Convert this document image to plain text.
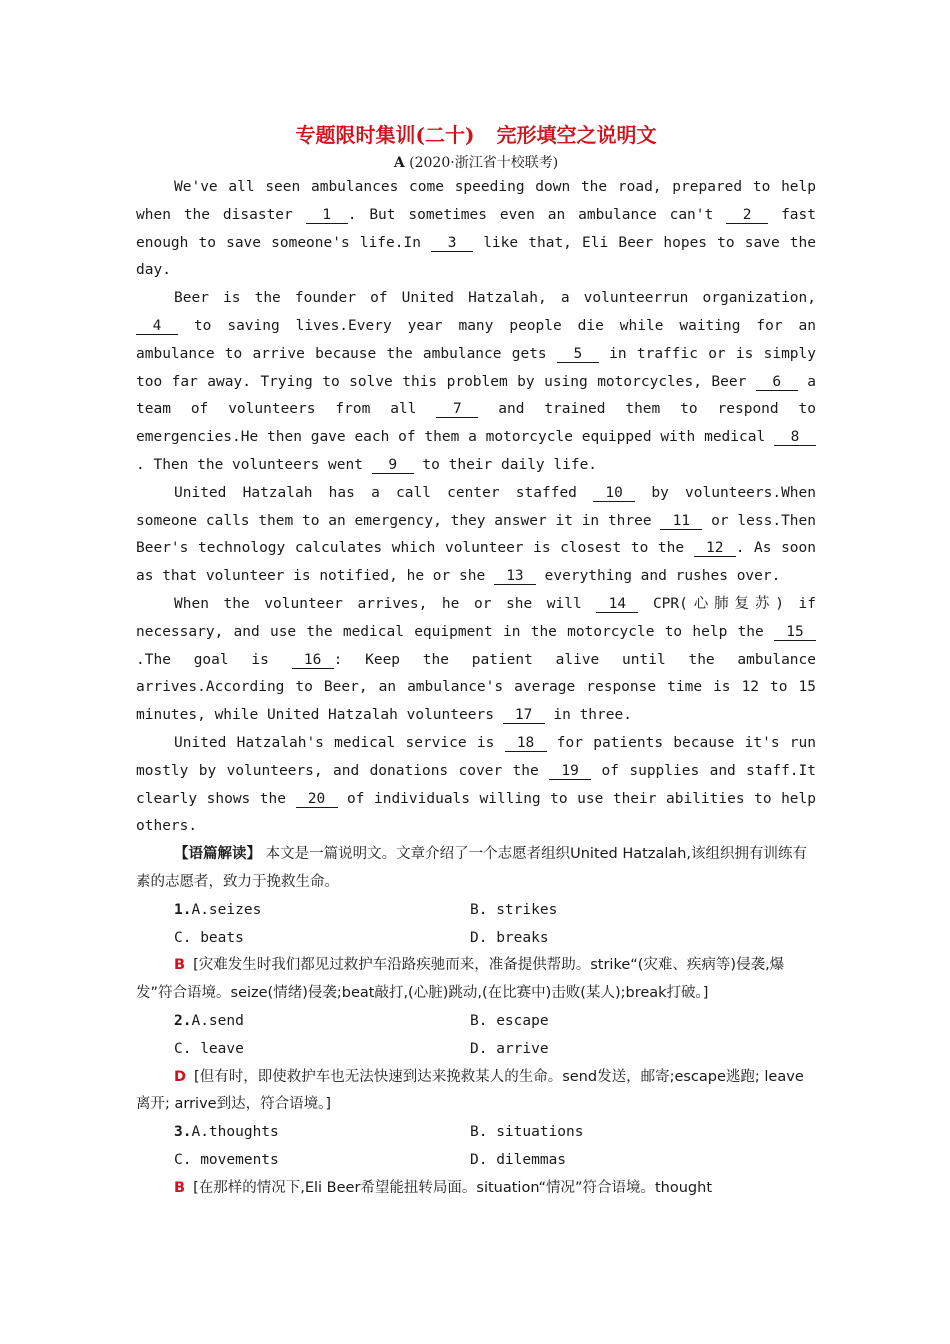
专题限时集训(二十) 完形填空之说明文
A (2020·浙江省十校联考)

We've all seen ambulances come speeding down the road, prepared to help when the disaster 1 . But sometimes even an ambulance can't 2 fast enough to save someone's life.In 3 like that, Eli Beer hopes to save the day.

Beer is the founder of United Hatzalah, a volunteerrun organization, 4 to saving lives.Every year many people die while waiting for an ambulance to arrive because the ambulance gets 5 in traffic or is simply too far away. Trying to solve this problem by using motorcycles, Beer 6 a team of volunteers from all 7 and trained them to respond to emergencies.He then gave each of them a motorcycle equipped with medical 8. Then the volunteers went 9 to their daily life.

United Hatzalah has a call center staffed 10 by volunteers.When someone calls them to an emergency, they answer it in three 11 or less.Then Beer's technology calculates which volunteer is closest to the 12 . As soon as that volunteer is notified, he or she 13 everything and rushes over.

When the volunteer arrives, he or she will 14 CPR(心肺复苏) if necessary, and use the medical equipment in the motorcycle to help the 15.The goal is 16 : Keep the patient alive until the ambulance arrives.According to Beer, an ambulance's average response time is 12 to 15 minutes, while United Hatzalah volunteers 17 in three.

United Hatzalah's medical service is 18 for patients because it's run mostly by volunteers, and donations cover the 19 of supplies and staff.It clearly shows the 20 of individuals willing to use their abilities to help others.

【语篇解读】 本文是一篇说明文。文章介绍了一个志愿者组织United Hatzalah,该组织拥有训练有素的志愿者，致力于挽救生命。

1.A.seizes	B. strikes
C. beats	D. breaks

B [灾难发生时我们都见过救护车沿路疾驰而来，准备提供帮助。strike“(灾难、疾病等)侵袭,爆发”符合语境。seize(情绪)侵袭;beat敲打,(心脏)跳动,(在比赛中)击败(某人);break打破。]

2.A.send	B. escape
C. leave	D. arrive

D [但有时，即使救护车也无法快速到达来挽救某人的生命。send发送，邮寄;escape逃跑; leave离开; arrive到达，符合语境。]

3.A.thoughts	B. situations
C. movements	D. dilemmas

B [在那样的情况下,Eli Beer希望能扭转局面。situation“情况”符合语境。thought
